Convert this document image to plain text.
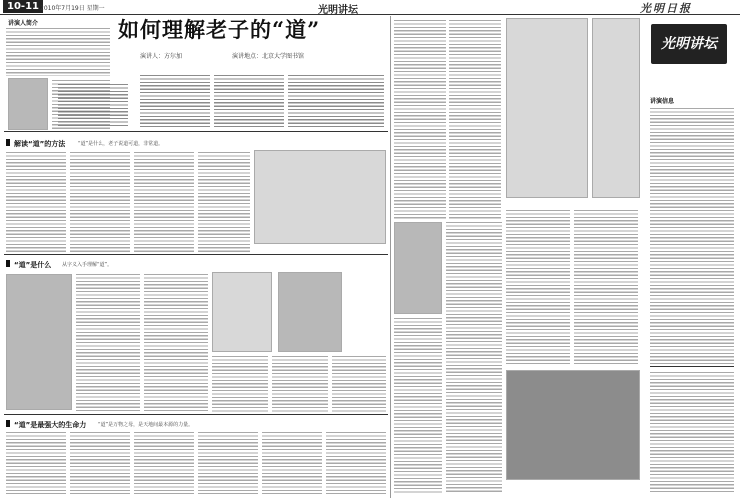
10-11 2010年7月19日 星期一	光明讲坛	光明日报
讲演人简介	如何理解老子的“道”
演讲人：方尔加	演讲地点：北京大学图书馆
解读“道”的方法	“道”是什么，老子说道可道，非常道。
“道”是什么 从字义入手理解“道”。
“道”是最强大的生命力 “道”是万物之母，是天地间最本源的力量。
光明讲坛
讲演信息
